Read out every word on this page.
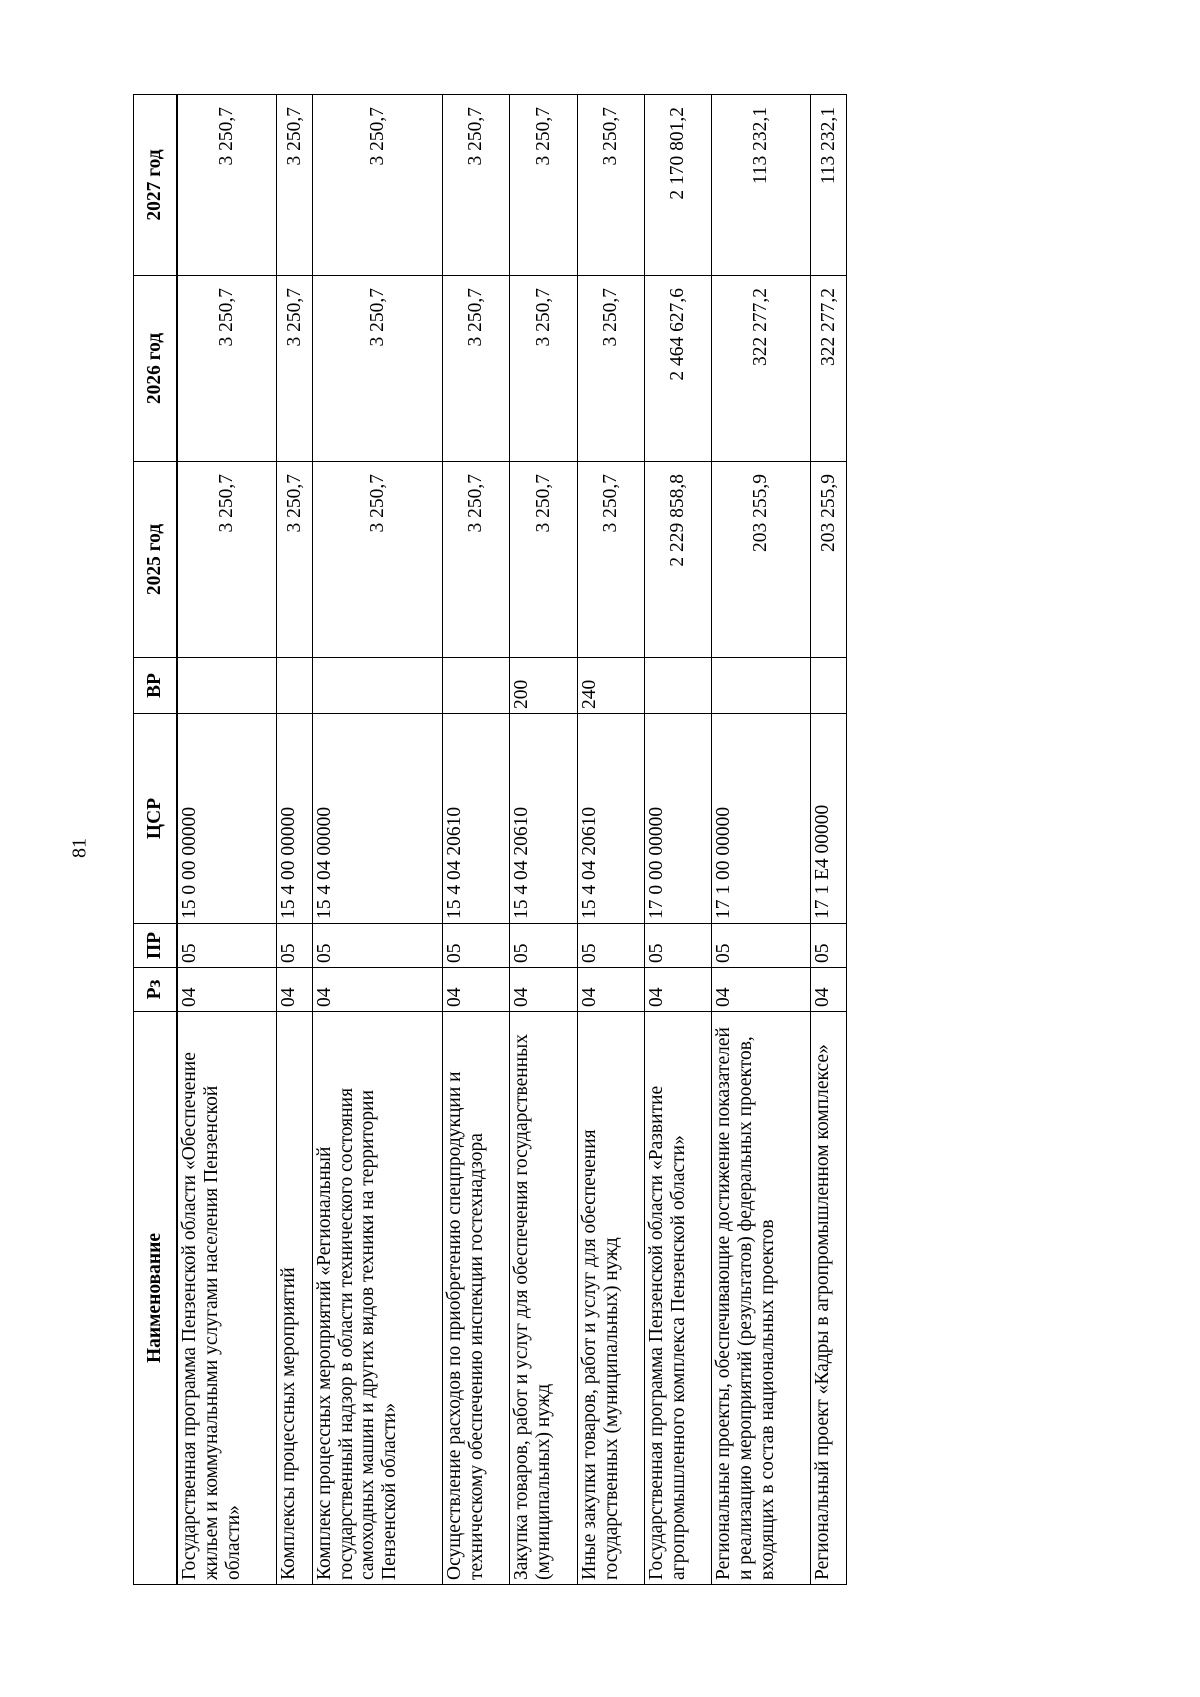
81
Наименование	Рз	ПР	ЦСР	ВР	2025 год	2026 год	2027 год
Государственная программа Пензенской области «Обеспечение жильем и коммунальными услугами населения Пензенской области»	04	05	15 0 00 00000		3 250,7	3 250,7	3 250,7
Комплексы процессных мероприятий	04	05	15 4 00 00000		3 250,7	3 250,7	3 250,7
Комплекс процессных мероприятий «Региональный государственный надзор в области технического состояния самоходных машин и других видов техники на территории Пензенской области»	04	05	15 4 04 00000		3 250,7	3 250,7	3 250,7
Осуществление расходов по приобретению спецпродукции и техническому обеспечению инспекции гостехнадзора	04	05	15 4 04 20610		3 250,7	3 250,7	3 250,7
Закупка товаров, работ и услуг для обеспечения государственных (муниципальных) нужд	04	05	15 4 04 20610	200	3 250,7	3 250,7	3 250,7
Иные закупки товаров, работ и услуг для обеспечения государственных (муниципальных) нужд	04	05	15 4 04 20610	240	3 250,7	3 250,7	3 250,7
Государственная программа Пензенской области «Развитие агропромышленного комплекса Пензенской области»	04	05	17 0 00 00000		2 229 858,8	2 464 627,6	2 170 801,2
Региональные проекты, обеспечивающие достижение показателей и реализацию мероприятий (результатов) федеральных проектов, входящих в состав национальных проектов	04	05	17 1 00 00000		203 255,9	322 277,2	113 232,1
Региональный проект «Кадры в агропромышленном комплексе»	04	05	17 1 Е4 00000		203 255,9	322 277,2	113 232,1
